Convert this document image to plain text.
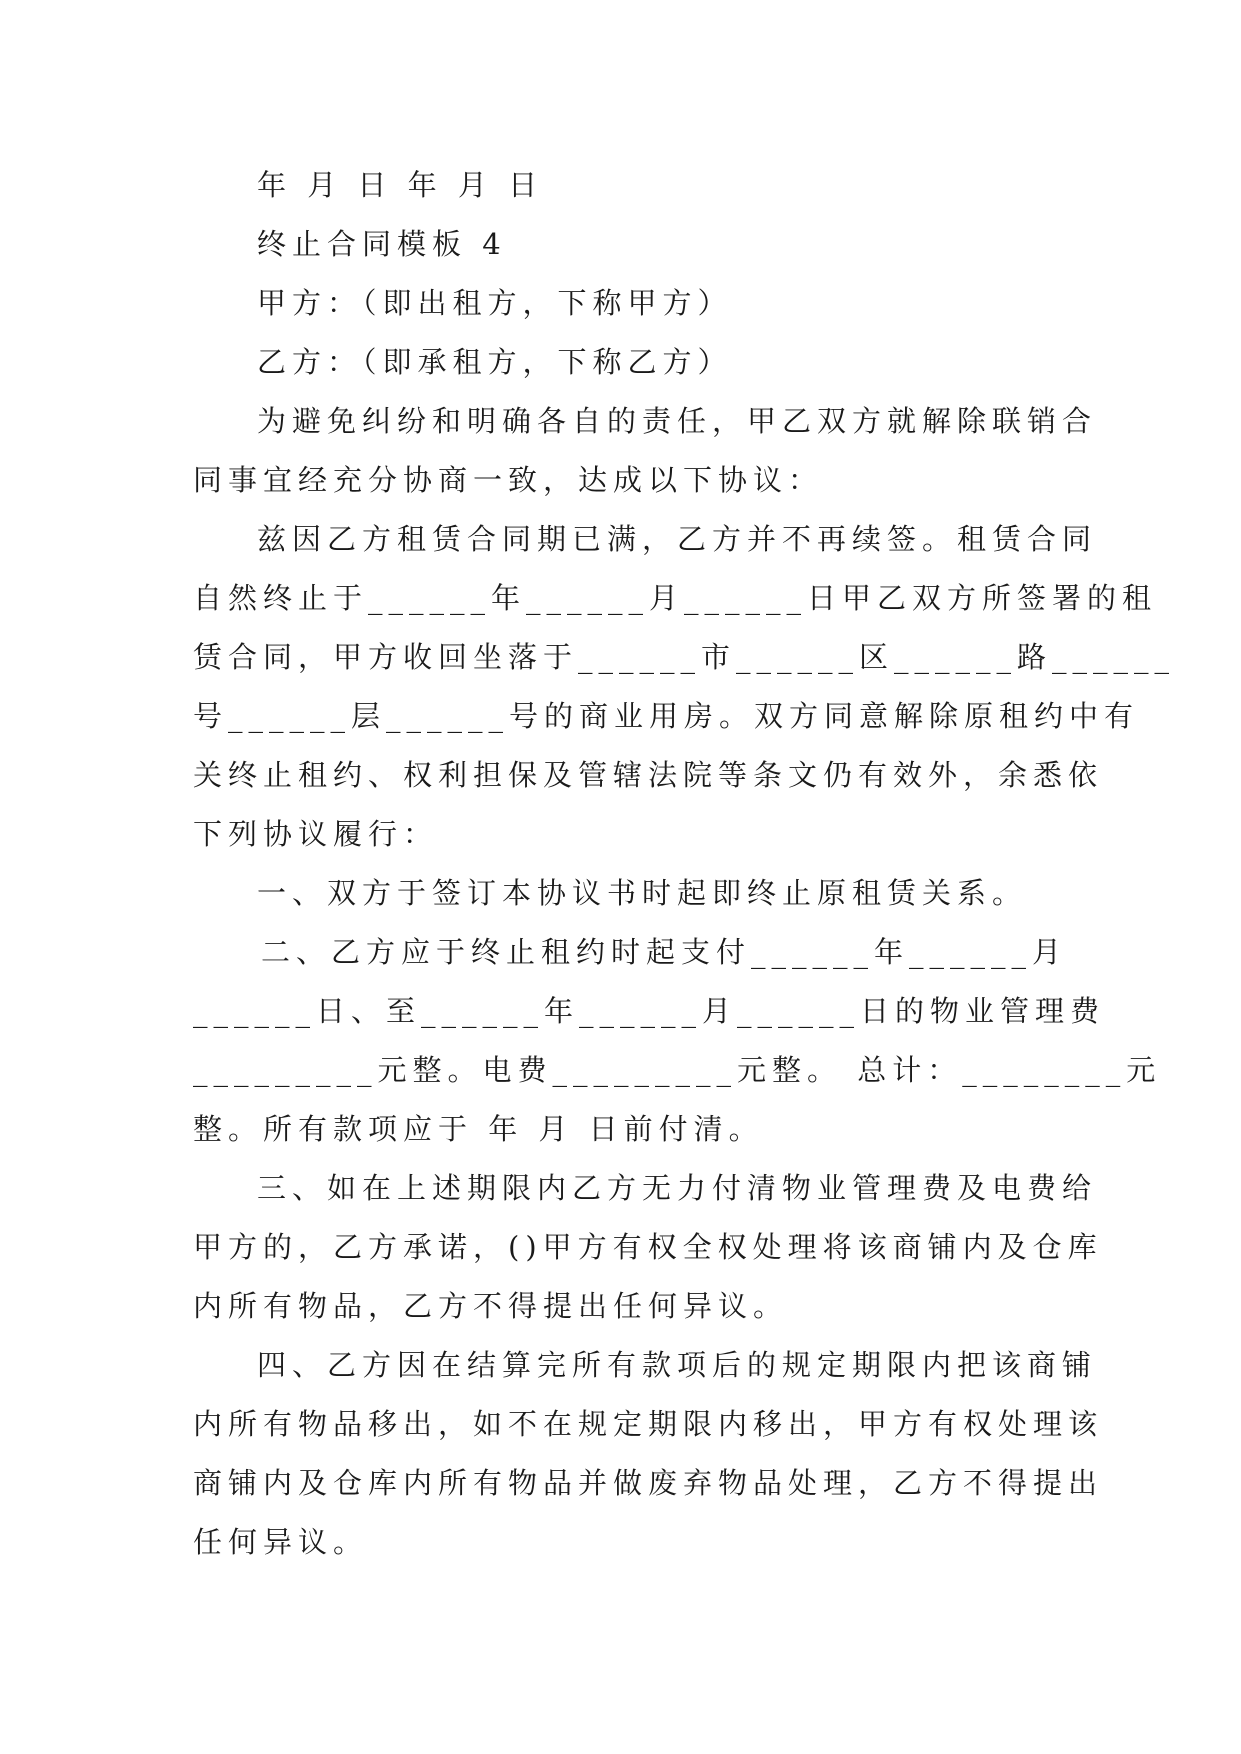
年 月 日 年 月 日
终止合同模板 4
甲方：（即出租方，下称甲方）
乙方：（即承租方，下称乙方）
为避免纠纷和明确各自的责任，甲乙双方就解除联销合
同事宜经充分协商一致，达成以下协议：
兹因乙方租赁合同期已满，乙方并不再续签。租赁合同
自然终止于______年______月______日甲乙双方所签署的租
赁合同，甲方收回坐落于______市______区______路______
号______层______号的商业用房。双方同意解除原租约中有
关终止租约、权利担保及管辖法院等条文仍有效外，余悉依
下列协议履行：
一、双方于签订本协议书时起即终止原租赁关系。
二、乙方应于终止租约时起支付______年______月
______日、至______年______月______日的物业管理费
_________元整。电费_________元整。 总计：________元
整。所有款项应于 年 月 日前付清。
三、如在上述期限内乙方无力付清物业管理费及电费给
甲方的，乙方承诺，()甲方有权全权处理将该商铺内及仓库
内所有物品，乙方不得提出任何异议。
四、乙方因在结算完所有款项后的规定期限内把该商铺
内所有物品移出，如不在规定期限内移出，甲方有权处理该
商铺内及仓库内所有物品并做废弃物品处理，乙方不得提出
任何异议。
